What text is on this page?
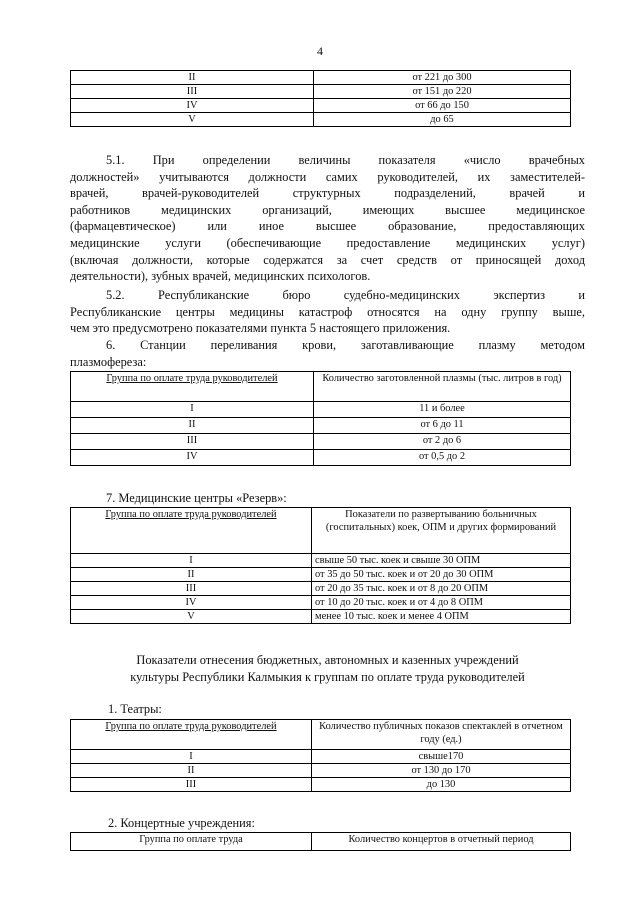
4
II	от 221 до 300
III	от 151 до 220
IV	от 66 до 150
V	до 65
5.1. При определении величины показателя «число врачебных
должностей» учитываются должности самих руководителей, их заместителей-
врачей, врачей-руководителей структурных подразделений, врачей и
работников медицинских организаций, имеющих высшее медицинское
(фармацевтическое) или иное высшее образование, предоставляющих
медицинские услуги (обеспечивающие предоставление медицинских услуг)
(включая должности, которые содержатся за счет средств от приносящей доход
деятельности), зубных врачей, медицинских психологов.
5.2. Республиканские бюро судебно-медицинских экспертиз и
Республиканские центры медицины катастроф относятся на одну группу выше,
чем это предусмотрено показателями пункта 5 настоящего приложения.
6. Станции переливания крови, заготавливающие плазму методом
плазмофереза:
Группа по оплате труда руководителей	Количество заготовленной плазмы (тыс. литров в год)
I	11 и более
II	от 6 до 11
III	от 2 до 6
IV	от 0,5 до 2
7. Медицинские центры «Резерв»:
Группа по оплате труда руководителей	Показатели по развертыванию больничных (госпитальных) коек, ОПМ и других формирований
I	свыше 50 тыс. коек и свыше 30 ОПМ
II	от 35 до 50 тыс. коек и от 20 до 30 ОПМ
III	от 20 до 35 тыс. коек и от 8 до 20 ОПМ
IV	от 10 до 20 тыс. коек и от 4 до 8 ОПМ
V	менее 10 тыс. коек и менее 4 ОПМ
Показатели отнесения бюджетных, автономных и казенных учреждений
культуры Республики Калмыкия к группам по оплате труда руководителей
1. Театры:
Группа по оплате труда руководителей	Количество публичных показов спектаклей в отчетном году (ед.)
I	свыше170
II	от 130 до 170
III	до 130
2. Концертные учреждения:
Группа по оплате труда	Количество концертов в отчетный период
